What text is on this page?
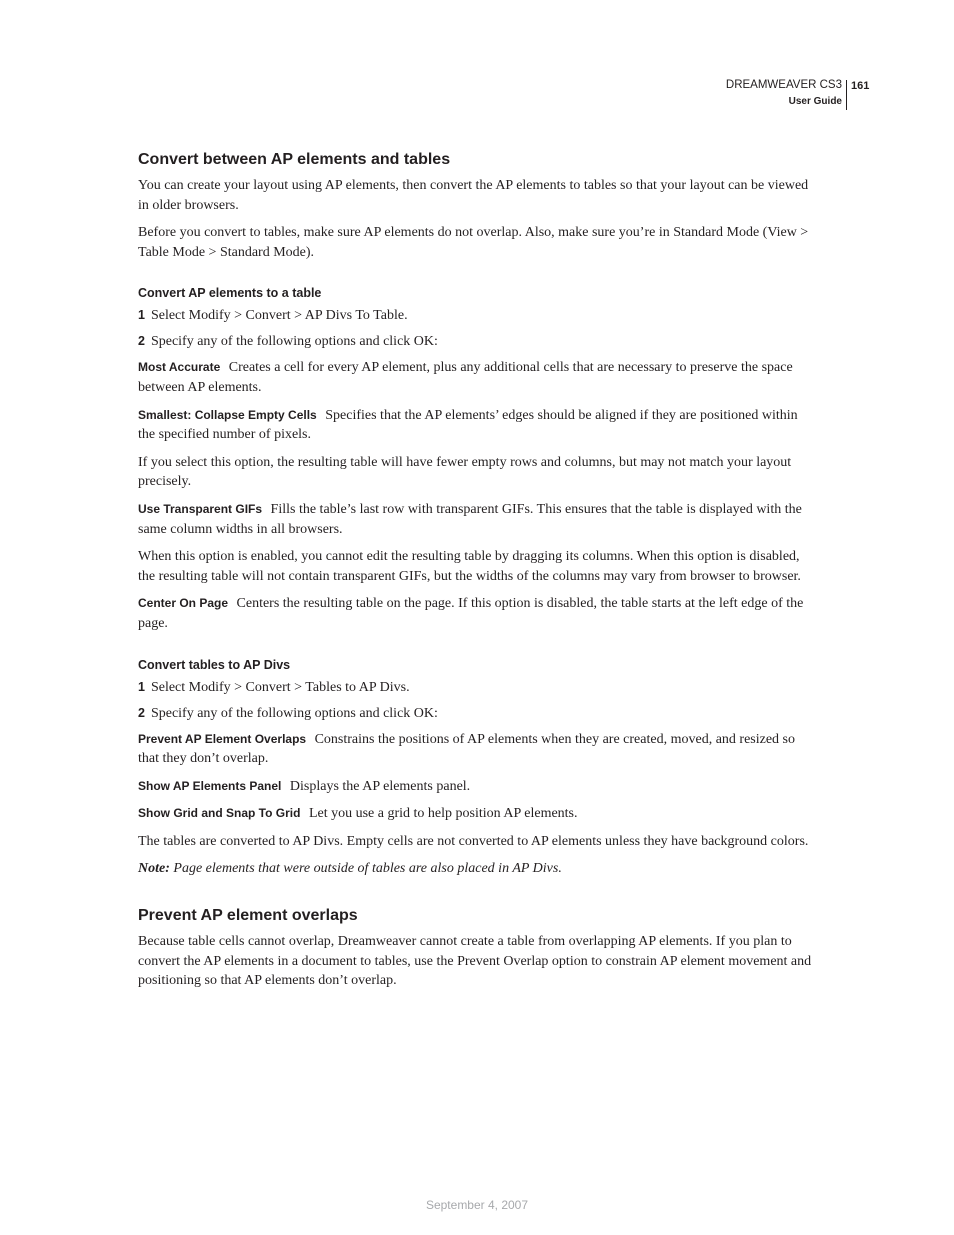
DREAMWEAVER CS3
User Guide
161
Convert between AP elements and tables

You can create your layout using AP elements, then convert the AP elements to tables so that your layout can be viewed in older browsers.

Before you convert to tables, make sure AP elements do not overlap. Also, make sure you’re in Standard Mode (View > Table Mode > Standard Mode).

Convert AP elements to a table
1 Select Modify > Convert > AP Divs To Table.
2 Specify any of the following options and click OK:

Most Accurate Creates a cell for every AP element, plus any additional cells that are necessary to preserve the space between AP elements.

Smallest: Collapse Empty Cells Specifies that the AP elements’ edges should be aligned if they are positioned within the specified number of pixels.

If you select this option, the resulting table will have fewer empty rows and columns, but may not match your layout precisely.

Use Transparent GIFs Fills the table’s last row with transparent GIFs. This ensures that the table is displayed with the same column widths in all browsers.

When this option is enabled, you cannot edit the resulting table by dragging its columns. When this option is disabled, the resulting table will not contain transparent GIFs, but the widths of the columns may vary from browser to browser.

Center On Page Centers the resulting table on the page. If this option is disabled, the table starts at the left edge of the page.

Convert tables to AP Divs
1 Select Modify > Convert > Tables to AP Divs.
2 Specify any of the following options and click OK:

Prevent AP Element Overlaps Constrains the positions of AP elements when they are created, moved, and resized so that they don’t overlap.

Show AP Elements Panel Displays the AP elements panel.

Show Grid and Snap To Grid Let you use a grid to help position AP elements.

The tables are converted to AP Divs. Empty cells are not converted to AP elements unless they have background colors.

Note: Page elements that were outside of tables are also placed in AP Divs.

Prevent AP element overlaps

Because table cells cannot overlap, Dreamweaver cannot create a table from overlapping AP elements. If you plan to convert the AP elements in a document to tables, use the Prevent Overlap option to constrain AP element movement and positioning so that AP elements don’t overlap.

September 4, 2007
